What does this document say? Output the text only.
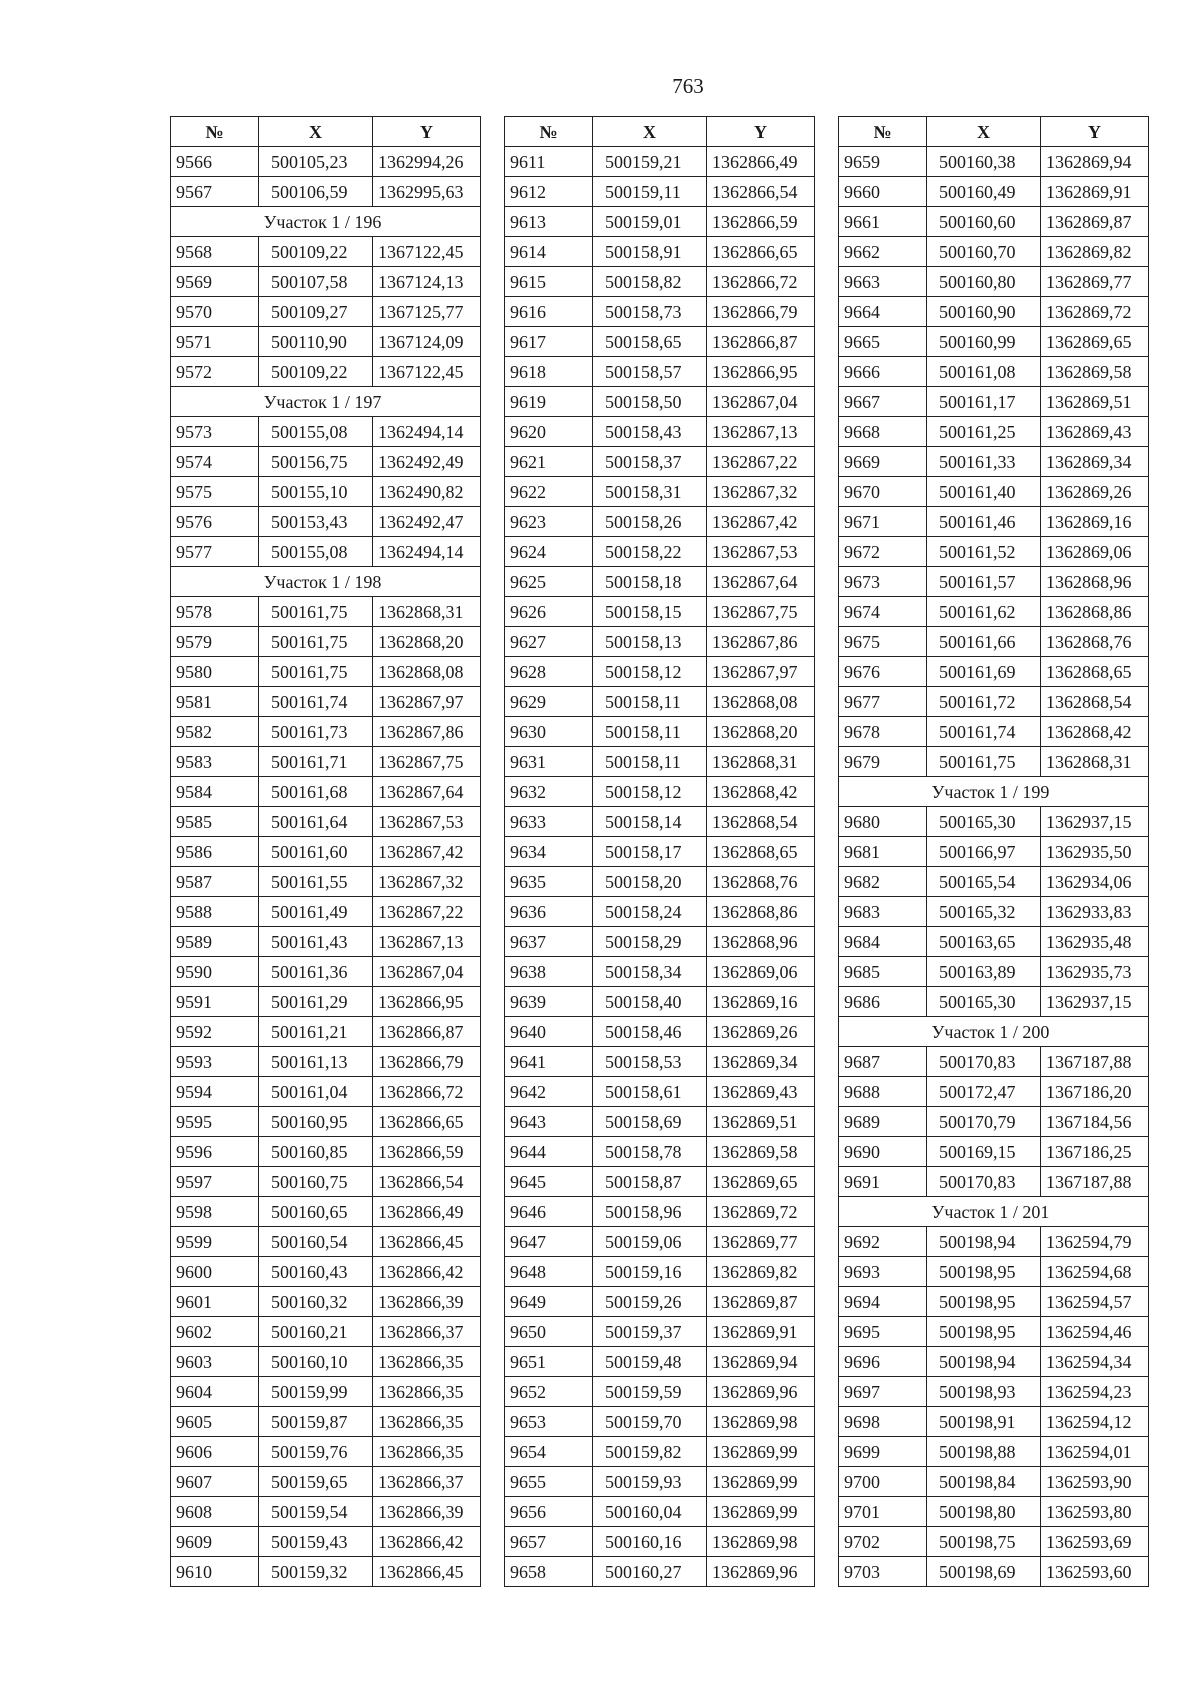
763
№	X	Y
9566	500105,23	1362994,26
9567	500106,59	1362995,63
Участок 1 / 196		
9568	500109,22	1367122,45
9569	500107,58	1367124,13
9570	500109,27	1367125,77
9571	500110,90	1367124,09
9572	500109,22	1367122,45
Участок 1 / 197		
9573	500155,08	1362494,14
9574	500156,75	1362492,49
9575	500155,10	1362490,82
9576	500153,43	1362492,47
9577	500155,08	1362494,14
Участок 1 / 198		
9578	500161,75	1362868,31
9579	500161,75	1362868,20
9580	500161,75	1362868,08
9581	500161,74	1362867,97
9582	500161,73	1362867,86
9583	500161,71	1362867,75
9584	500161,68	1362867,64
9585	500161,64	1362867,53
9586	500161,60	1362867,42
9587	500161,55	1362867,32
9588	500161,49	1362867,22
9589	500161,43	1362867,13
9590	500161,36	1362867,04
9591	500161,29	1362866,95
9592	500161,21	1362866,87
9593	500161,13	1362866,79
9594	500161,04	1362866,72
9595	500160,95	1362866,65
9596	500160,85	1362866,59
9597	500160,75	1362866,54
9598	500160,65	1362866,49
9599	500160,54	1362866,45
9600	500160,43	1362866,42
9601	500160,32	1362866,39
9602	500160,21	1362866,37
9603	500160,10	1362866,35
9604	500159,99	1362866,35
9605	500159,87	1362866,35
9606	500159,76	1362866,35
9607	500159,65	1362866,37
9608	500159,54	1362866,39
9609	500159,43	1362866,42
9610	500159,32	1362866,45
№	X	Y
9611	500159,21	1362866,49
9612	500159,11	1362866,54
9613	500159,01	1362866,59
9614	500158,91	1362866,65
9615	500158,82	1362866,72
9616	500158,73	1362866,79
9617	500158,65	1362866,87
9618	500158,57	1362866,95
9619	500158,50	1362867,04
9620	500158,43	1362867,13
9621	500158,37	1362867,22
9622	500158,31	1362867,32
9623	500158,26	1362867,42
9624	500158,22	1362867,53
9625	500158,18	1362867,64
9626	500158,15	1362867,75
9627	500158,13	1362867,86
9628	500158,12	1362867,97
9629	500158,11	1362868,08
9630	500158,11	1362868,20
9631	500158,11	1362868,31
9632	500158,12	1362868,42
9633	500158,14	1362868,54
9634	500158,17	1362868,65
9635	500158,20	1362868,76
9636	500158,24	1362868,86
9637	500158,29	1362868,96
9638	500158,34	1362869,06
9639	500158,40	1362869,16
9640	500158,46	1362869,26
9641	500158,53	1362869,34
9642	500158,61	1362869,43
9643	500158,69	1362869,51
9644	500158,78	1362869,58
9645	500158,87	1362869,65
9646	500158,96	1362869,72
9647	500159,06	1362869,77
9648	500159,16	1362869,82
9649	500159,26	1362869,87
9650	500159,37	1362869,91
9651	500159,48	1362869,94
9652	500159,59	1362869,96
9653	500159,70	1362869,98
9654	500159,82	1362869,99
9655	500159,93	1362869,99
9656	500160,04	1362869,99
9657	500160,16	1362869,98
9658	500160,27	1362869,96
№	X	Y
9659	500160,38	1362869,94
9660	500160,49	1362869,91
9661	500160,60	1362869,87
9662	500160,70	1362869,82
9663	500160,80	1362869,77
9664	500160,90	1362869,72
9665	500160,99	1362869,65
9666	500161,08	1362869,58
9667	500161,17	1362869,51
9668	500161,25	1362869,43
9669	500161,33	1362869,34
9670	500161,40	1362869,26
9671	500161,46	1362869,16
9672	500161,52	1362869,06
9673	500161,57	1362868,96
9674	500161,62	1362868,86
9675	500161,66	1362868,76
9676	500161,69	1362868,65
9677	500161,72	1362868,54
9678	500161,74	1362868,42
9679	500161,75	1362868,31
Участок 1 / 199		
9680	500165,30	1362937,15
9681	500166,97	1362935,50
9682	500165,54	1362934,06
9683	500165,32	1362933,83
9684	500163,65	1362935,48
9685	500163,89	1362935,73
9686	500165,30	1362937,15
Участок 1 / 200		
9687	500170,83	1367187,88
9688	500172,47	1367186,20
9689	500170,79	1367184,56
9690	500169,15	1367186,25
9691	500170,83	1367187,88
Участок 1 / 201		
9692	500198,94	1362594,79
9693	500198,95	1362594,68
9694	500198,95	1362594,57
9695	500198,95	1362594,46
9696	500198,94	1362594,34
9697	500198,93	1362594,23
9698	500198,91	1362594,12
9699	500198,88	1362594,01
9700	500198,84	1362593,90
9701	500198,80	1362593,80
9702	500198,75	1362593,69
9703	500198,69	1362593,60
